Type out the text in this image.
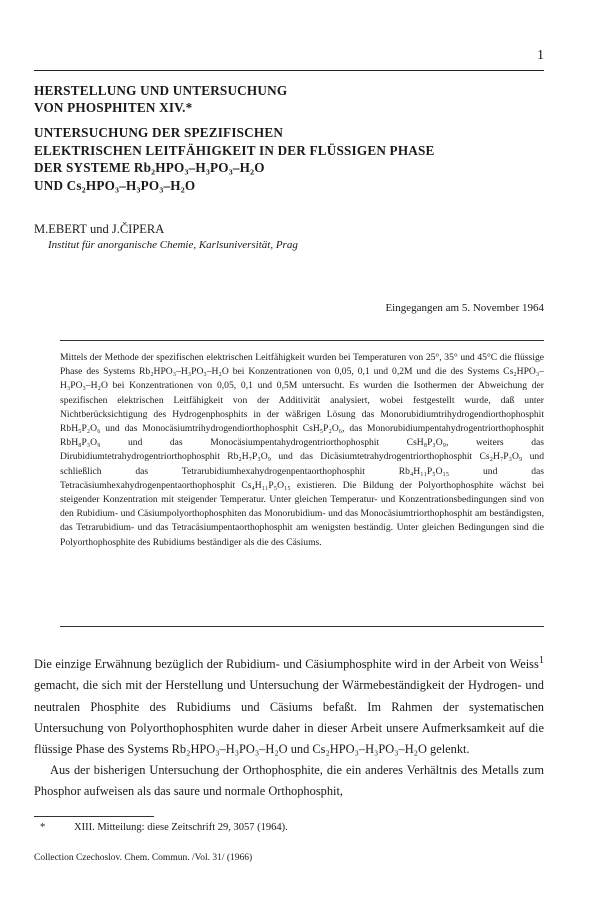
1
HERSTELLUNG UND UNTERSUCHUNG
VON PHOSPHITEN XIV.*
UNTERSUCHUNG DER SPEZIFISCHEN
ELEKTRISCHEN LEITFÄHIGKEIT IN DER FLÜSSIGEN PHASE
DER SYSTEME Rb₂HPO₃–H₃PO₃–H₂O
UND Cs₂HPO₃–H₃PO₃–H₂O
M.EBERT und J.ČIPERA
Institut für anorganische Chemie, Karlsuniversität, Prag
Eingegangen am 5. November 1964
Mittels der Methode der spezifischen elektrischen Leitfähigkeit wurden bei Temperaturen von 25°, 35° und 45°C die flüssige Phase des Systems Rb₂HPO₃–H₃PO₃–H₂O bei Konzentrationen von 0,05, 0,1 und 0,2M und die des Systems Cs₂HPO₃–H₃PO₃–H₂O bei Konzentrationen von 0,05, 0,1 und 0,5M untersucht. Es wurden die Isothermen der Abweichung der spezifischen elektrischen Leitfähigkeit von der Additivität analysiert, wobei festgestellt wurde, daß unter Nichtberücksichtigung des Hydrogenphosphits in der wäßrigen Lösung das Monorubidiumtrihydrogendiorthophosphit RbH₅P₂O₆ und das Monocäsiumtrihydrogendiorthophosphit CsH₅P₂O₆, das Monorubidiumpentahydrogentriorthophosphit RbH₈P₃O₉ und das Monocäsiumpentahydrogentriorthophosphit CsH₈P₃O₉, weiters das Dirubidiumtetrahydrogentriorthophosphit Rb₂H₇P₃O₉ und das Dicäsiumtetrahydrogentriorthophosphit Cs₂H₇P₃O₉ und schließlich das Tetrarubidiumhexahydrogenpentaorthophosphit Rb₄H₁₁P₅O₁₅ und das Tetracäsiumhexahydrogenpentaorthophosphit Cs₄H₁₁P₅O₁₅ existieren. Die Bildung der Polyorthophosphite wächst bei steigender Konzentration mit steigender Temperatur. Unter gleichen Temperatur- und Konzentrationsbedingungen sind von den Rubidium- und Cäsiumpolyorthophosphiten das Monorubidium- und das Monocäsiumtriorthophosphit am beständigsten, das Tetrarubidium- und das Tetracäsiumpentaorthophosphit am wenigsten beständig. Unter gleichen Bedingungen sind die Polyorthophosphite des Rubidiums beständiger als die des Cäsiums.

Die einzige Erwähnung bezüglich der Rubidium- und Cäsiumphosphite wird in der Arbeit von Weiss$^1$ gemacht, die sich mit der Herstellung und Untersuchung der Wärmebeständigkeit der Hydrogen- und neutralen Phosphite des Rubidiums und Cäsiums befaßt. Im Rahmen der systematischen Untersuchung von Polyorthophosphiten wurde daher in dieser Arbeit unsere Aufmerksamkeit auf die flüssige Phase des Systems Rb₂HPO₃–H₃PO₃–H₂O und Cs₂HPO₃–H₃PO₃–H₂O gelenkt.

Aus der bisherigen Untersuchung der Orthophosphite, die ein anderes Verhältnis des Metalls zum Phosphor aufweisen als das saure und normale Orthophosphit,

*	XIII. Mitteilung: diese Zeitschrift 29, 3057 (1964).
Collection Czechoslov. Chem. Commun. /Vol. 31/ (1966)
